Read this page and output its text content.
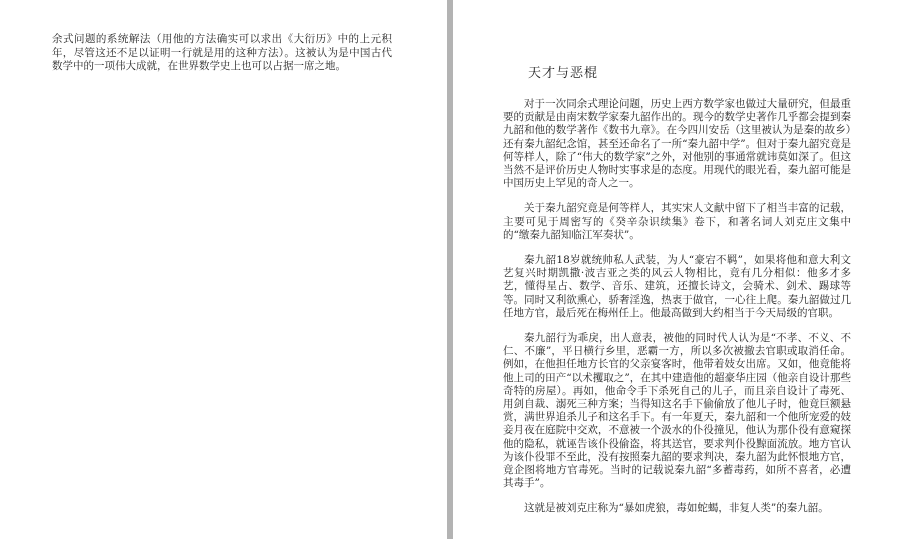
余式问题的系统解法（用他的方法确实可以求出《大衍历》中的上元积年，尽管这还不足以证明一行就是用的这种方法）。这被认为是中国古代数学中的一项伟大成就，在世界数学史上也可以占据一席之地。	天才与恶棍

对于一次同余式理论问题，历史上西方数学家也做过大量研究，但最重要的贡献是由南宋数学家秦九韶作出的。现今的数学史著作几乎都会提到秦九韶和他的数学著作《数书九章》。在今四川安岳（这里被认为是秦的故乡）还有秦九韶纪念馆，甚至还命名了一所“秦九韶中学”。但对于秦九韶究竟是何等样人，除了“伟大的数学家”之外，对他别的事通常就讳莫如深了。但这当然不是评价历史人物时实事求是的态度。用现代的眼光看，秦九韶可能是中国历史上罕见的奇人之一。

关于秦九韶究竟是何等样人，其实宋人文献中留下了相当丰富的记载，主要可见于周密写的《癸辛杂识续集》卷下，和著名词人刘克庄文集中的“缴秦九韶知临江军奏状”。

秦九韶18岁就统帅私人武装，为人“豪宕不羁”，如果将他和意大利文艺复兴时期凯撒·波吉亚之类的风云人物相比，竟有几分相似：他多才多艺，懂得星占、数学、音乐、建筑，还擅长诗文，会骑术、剑术、踢球等等。同时又利欲熏心，骄奢淫逸，热衷于做官，一心往上爬。秦九韶做过几任地方官，最后死在梅州任上。他最高做到大约相当于今天局级的官职。

秦九韶行为乖戾，出人意表，被他的同时代人认为是“不孝、不义、不仁、不廉”，平日横行乡里，恶霸一方，所以多次被撤去官职或取消任命。例如，在他担任地方长官的父亲宴客时，他带着妓女出席。又如，他竟能将他上司的田产“以术攫取之”，在其中建造他的超豪华庄园（他亲自设计那些奇特的房屋）。再如，他命令手下杀死自己的儿子，而且亲自设计了毒死、用剑自裁、溺死三种方案；当得知这名手下偷偷放了他儿子时，他竟巨额悬赏，满世界追杀儿子和这名手下。有一年夏天，秦九韶和一个他所宠爱的妓妾月夜在庭院中交欢，不意被一个汲水的仆役撞见，他认为那仆役有意窥探他的隐私，就诬告该仆役偷盗，将其送官，要求判仆役黥面流放。地方官认为该仆役罪不至此，没有按照秦九韶的要求判决，秦九韶为此怀恨地方官，竟企图将地方官毒死。当时的记载说秦九韶“多蓄毒药，如所不喜者，必遭其毒手”。

这就是被刘克庄称为“暴如虎狼，毒如蛇蝎，非复人类”的秦九韶。
